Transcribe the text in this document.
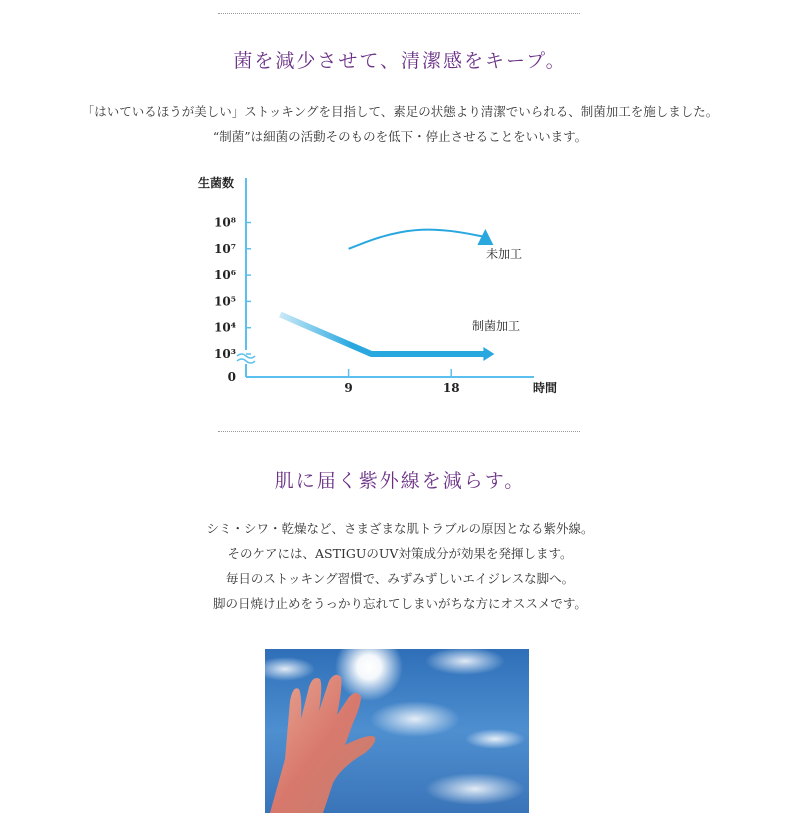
菌を減少させて、清潔感をキープ。
「はいているほうが美しい」ストッキングを目指して、素足の状態より清潔でいられる、制菌加工を施しました。
“制菌”は細菌の活動そのものを低下・停止させることをいいます。
10⁸
10⁷
10⁶
10⁵
10⁴
10³
0
9	18
未加工
制菌加工
生菌数
時間
肌に届く紫外線を減らす。
シミ・シワ・乾燥など、さまざまな肌トラブルの原因となる紫外線。
そのケアには、ASTIGUのUV対策成分が効果を発揮します。
毎日のストッキング習慣で、みずみずしいエイジレスな脚へ。
脚の日焼け止めをうっかり忘れてしまいがちな方にオススメです。
